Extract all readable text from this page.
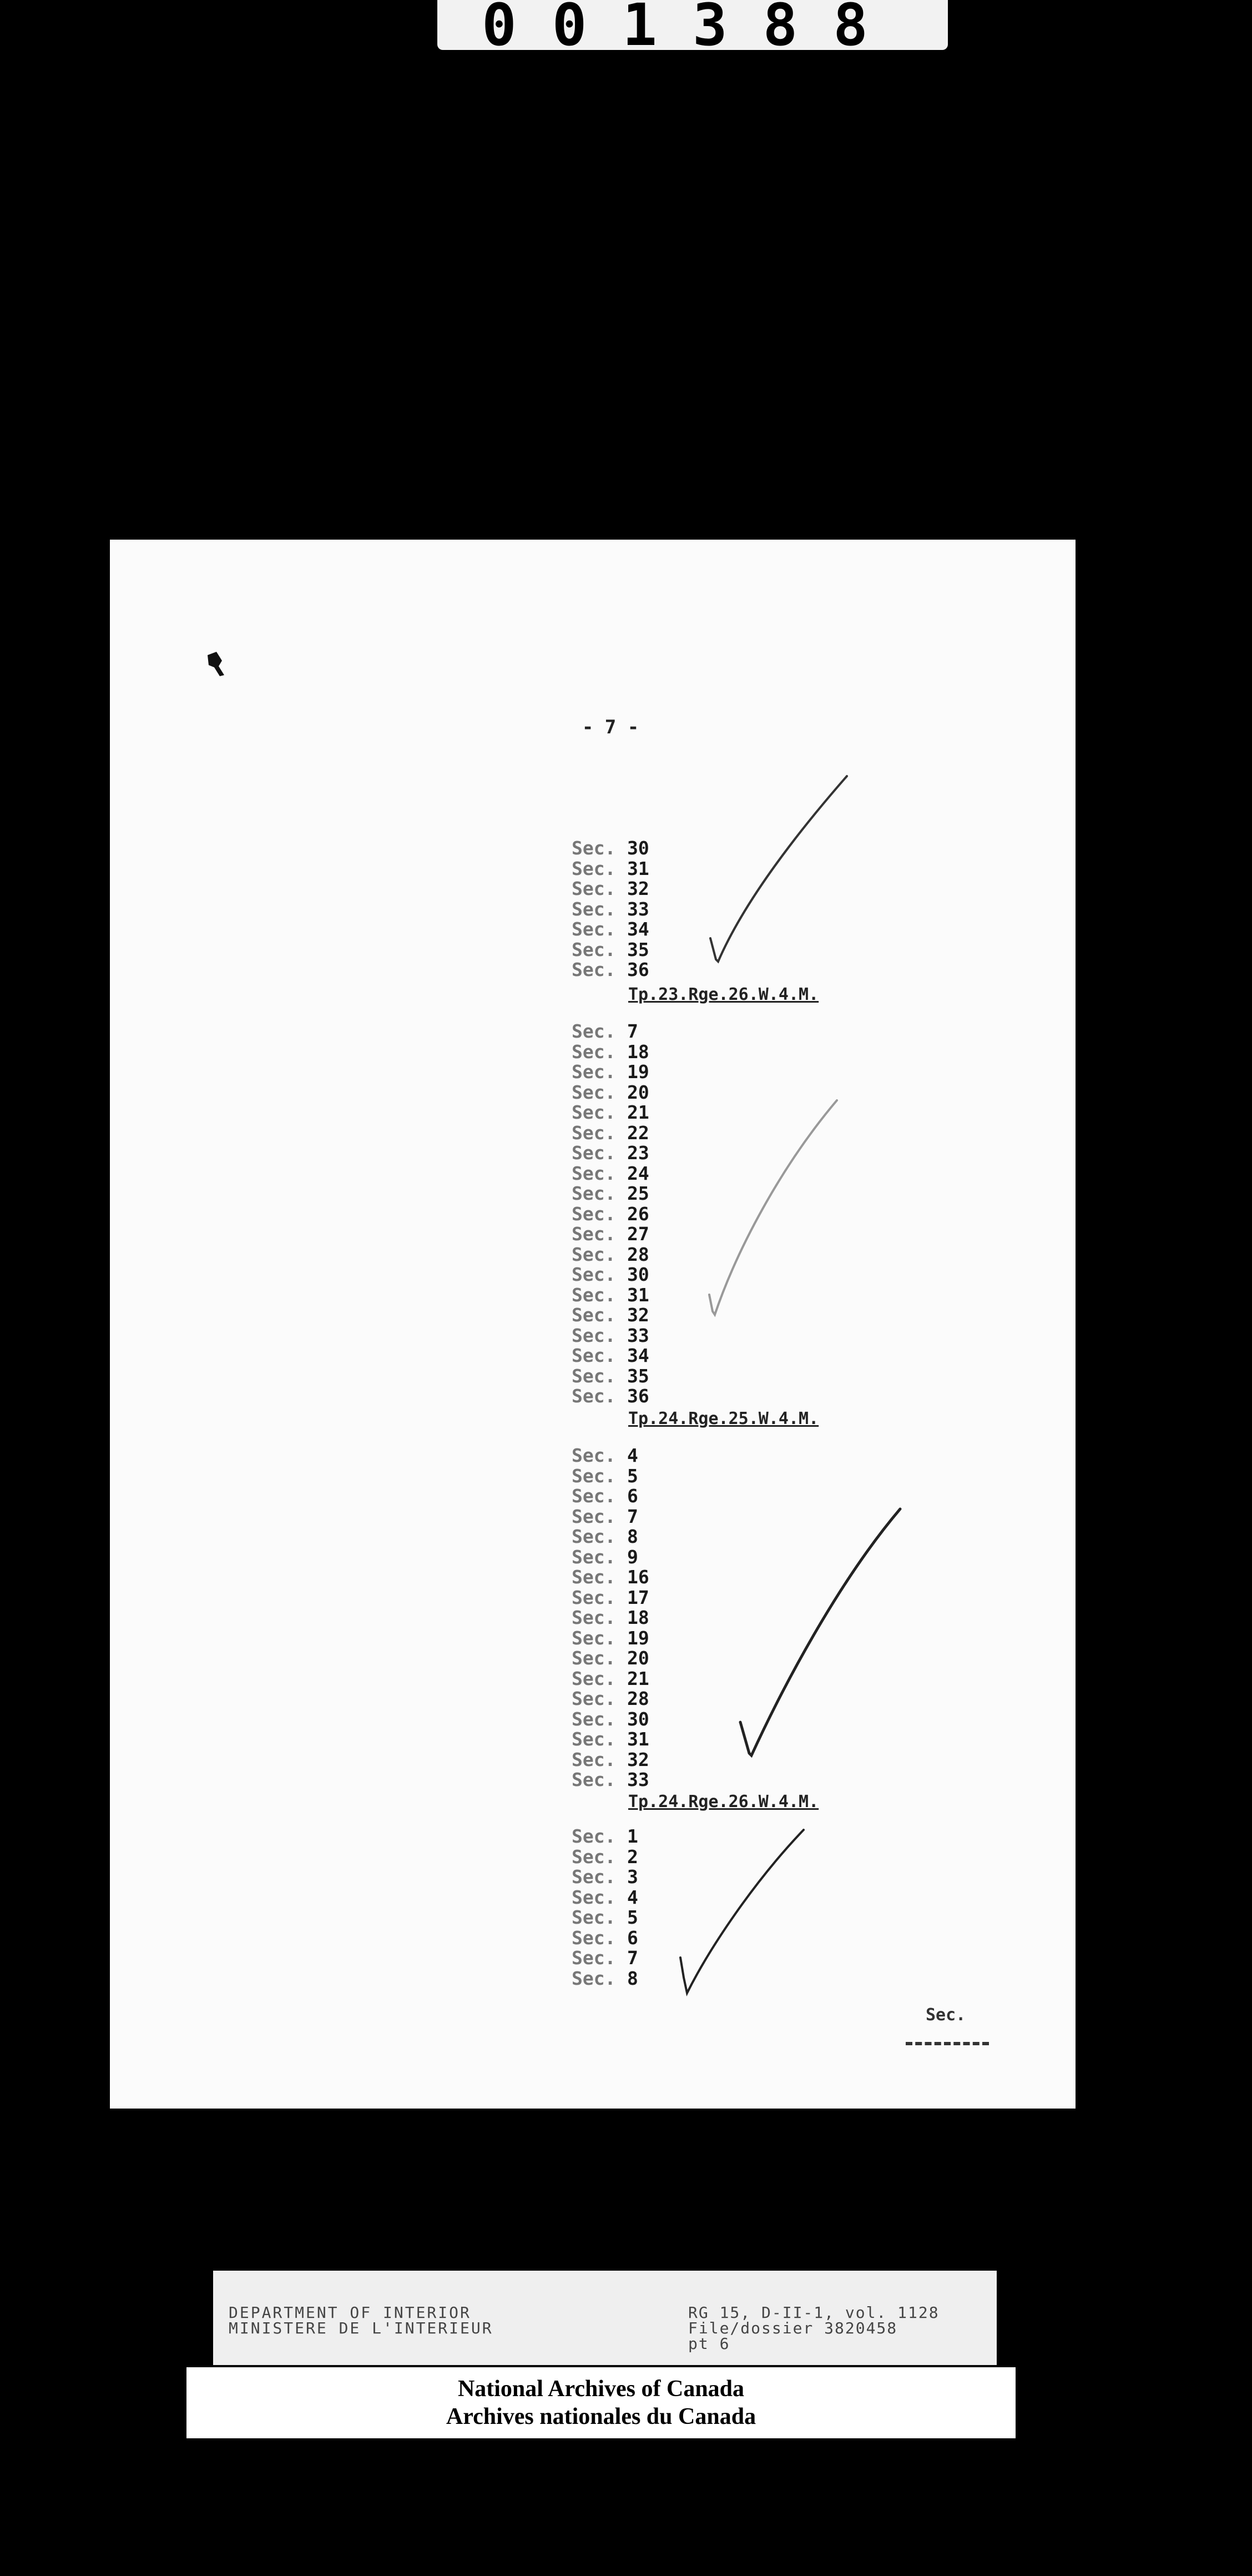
001388
- 7 -
Sec. 30
Sec. 31
Sec. 32
Sec. 33
Sec. 34
Sec. 35
Sec. 36
Tp.23.Rge.26.W.4.M.
Sec. 7
Sec. 18
Sec. 19
Sec. 20
Sec. 21
Sec. 22
Sec. 23
Sec. 24
Sec. 25
Sec. 26
Sec. 27
Sec. 28
Sec. 30
Sec. 31
Sec. 32
Sec. 33
Sec. 34
Sec. 35
Sec. 36
Tp.24.Rge.25.W.4.M.
Sec. 4
Sec. 5
Sec. 6
Sec. 7
Sec. 8
Sec. 9
Sec. 16
Sec. 17
Sec. 18
Sec. 19
Sec. 20
Sec. 21
Sec. 28
Sec. 30
Sec. 31
Sec. 32
Sec. 33
Tp.24.Rge.26.W.4.M.
Sec. 1
Sec. 2
Sec. 3
Sec. 4
Sec. 5
Sec. 6
Sec. 7
Sec. 8
Sec.
DEPARTMENT OF INTERIOR
MINISTERE DE L'INTERIEUR
RG 15, D-II-1, vol. 1128
File/dossier 3820458
pt 6
National Archives of Canada
Archives nationales du Canada
